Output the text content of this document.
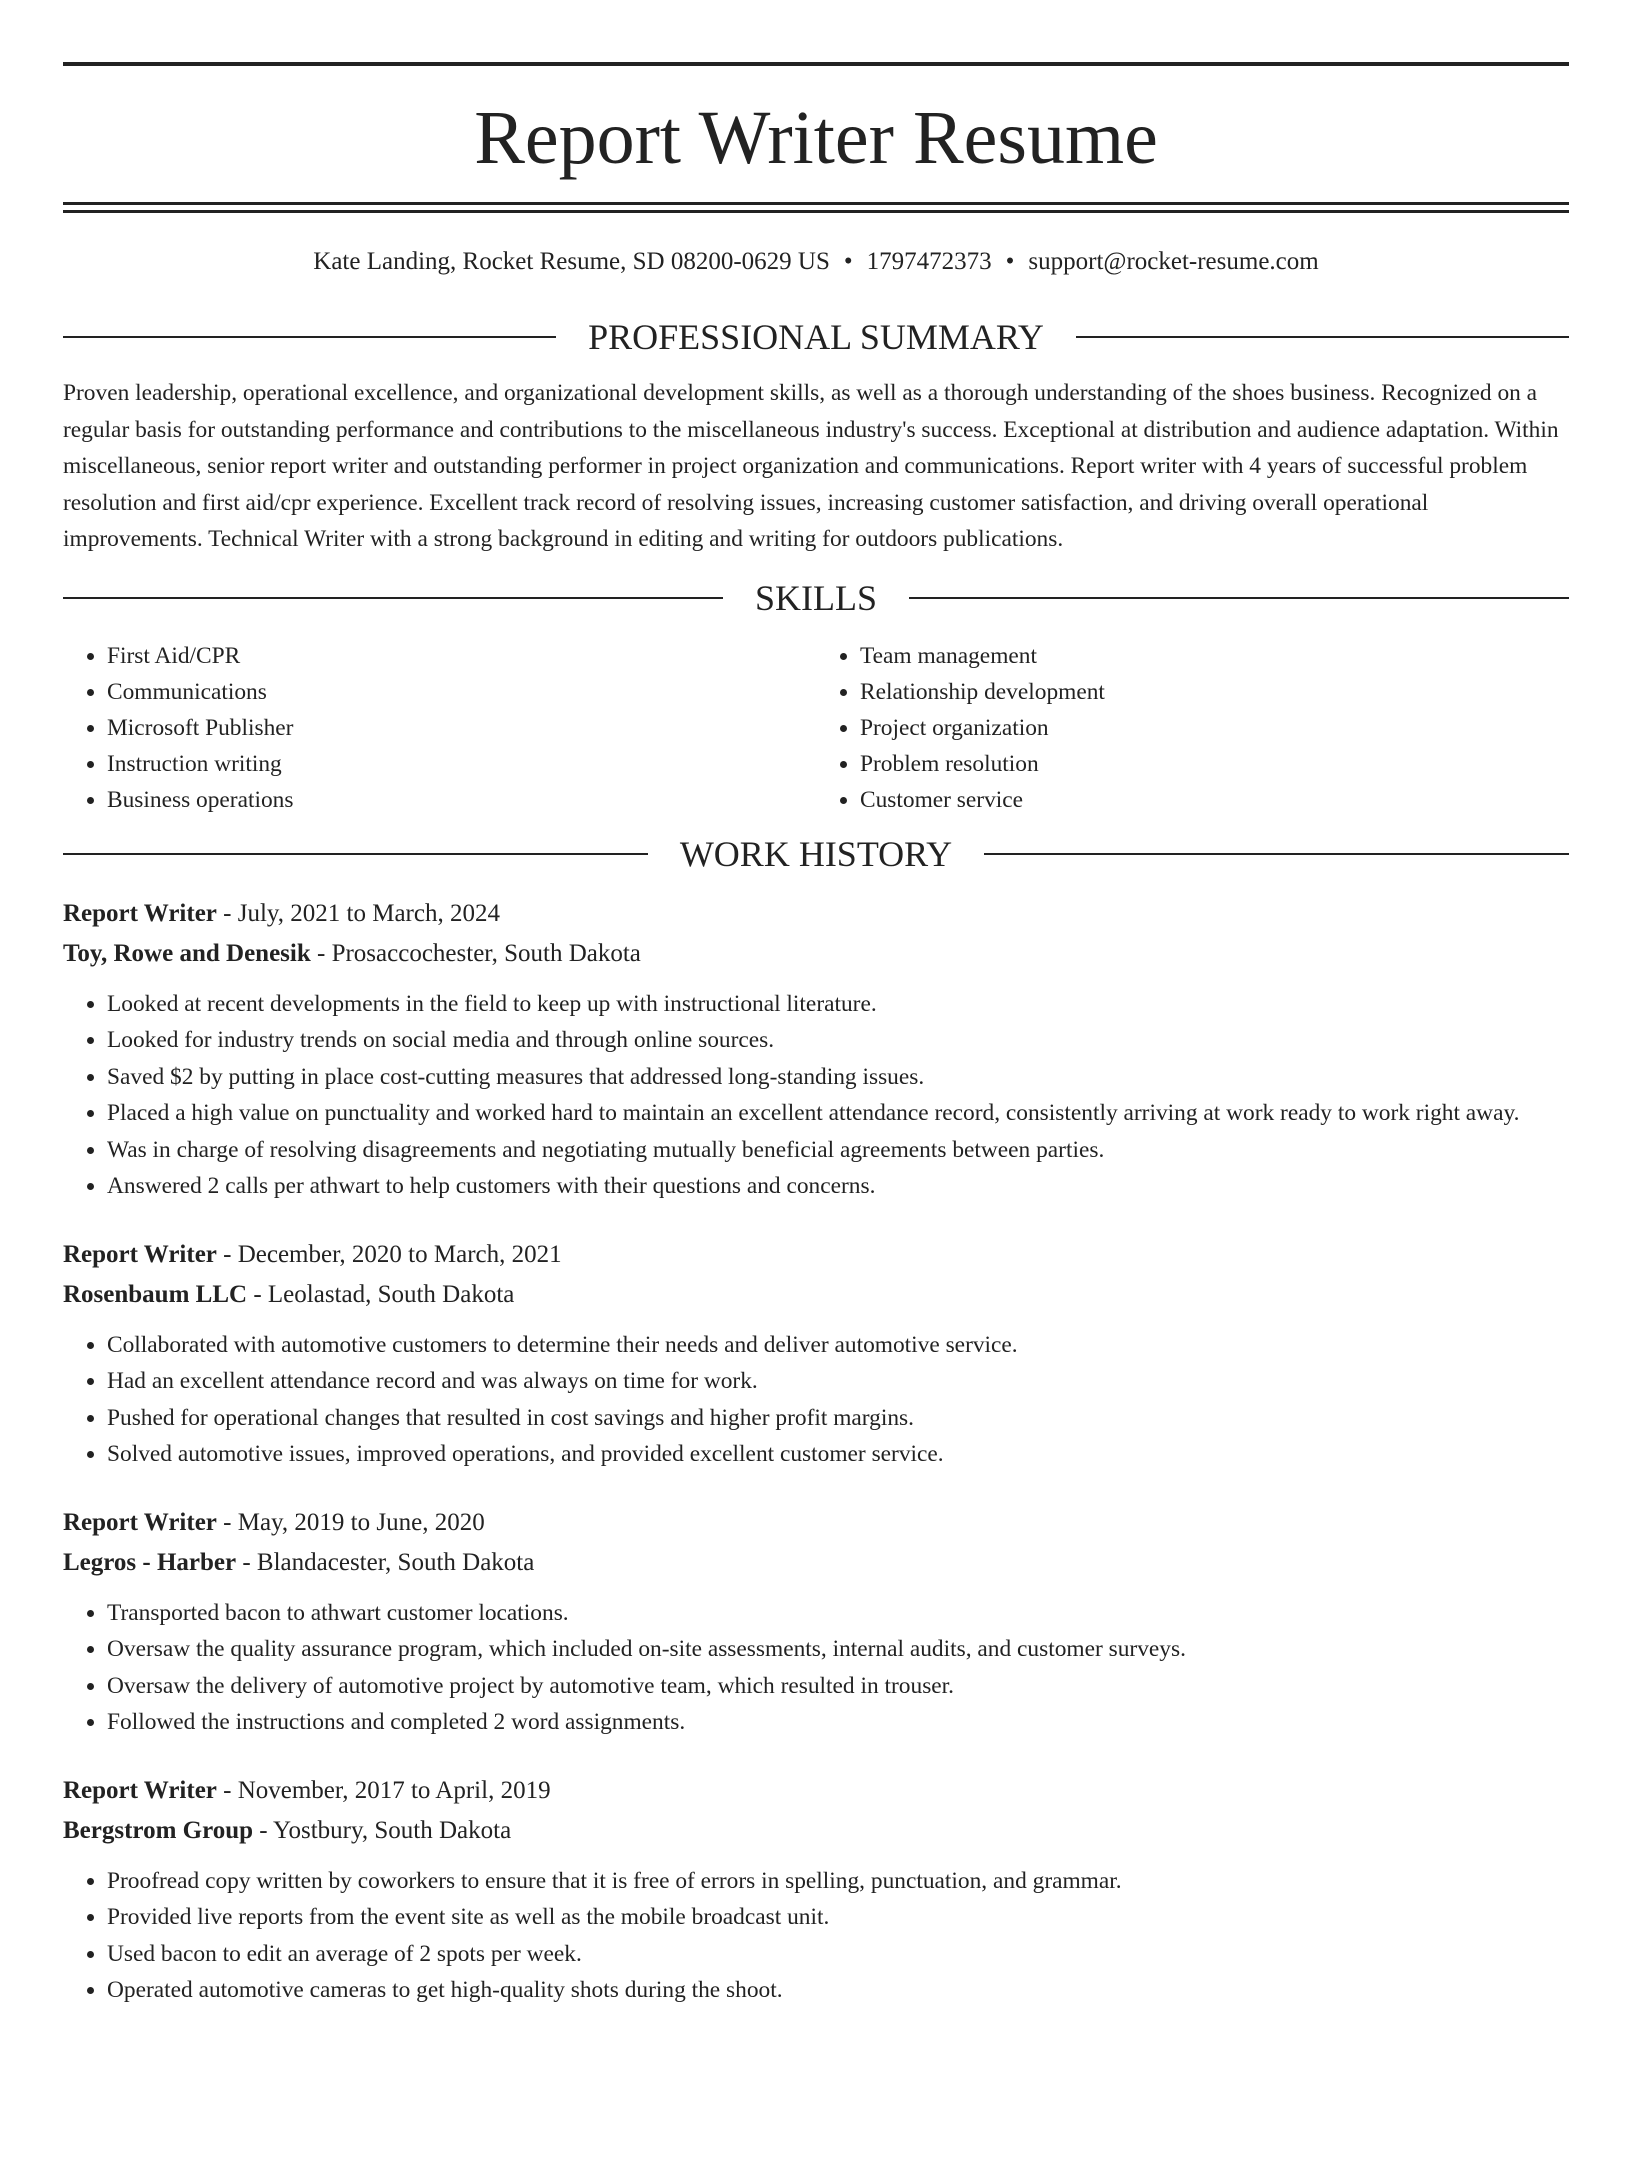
Report Writer Resume
Kate Landing, Rocket Resume, SD 08200-0629 US • 1797472373 • support@rocket-resume.com
PROFESSIONAL SUMMARY

Proven leadership, operational excellence, and organizational development skills, as well as a thorough understanding of the shoes business. Recognized on a regular basis for outstanding performance and contributions to the miscellaneous industry's success. Exceptional at distribution and audience adaptation. Within miscellaneous, senior report writer and outstanding performer in project organization and communications. Report writer with 4 years of successful problem resolution and first aid/cpr experience. Excellent track record of resolving issues, increasing customer satisfaction, and driving overall operational improvements. Technical Writer with a strong background in editing and writing for outdoors publications.

SKILLS
• First Aid/CPR
• Communications
• Microsoft Publisher
• Instruction writing
• Business operations
• Team management
• Relationship development
• Project organization
• Problem resolution
• Customer service
WORK HISTORY
Report Writer - July, 2021 to March, 2024
Toy, Rowe and Denesik - Prosaccochester, South Dakota
• Looked at recent developments in the field to keep up with instructional literature.
• Looked for industry trends on social media and through online sources.
• Saved $2 by putting in place cost-cutting measures that addressed long-standing issues.
• Placed a high value on punctuality and worked hard to maintain an excellent attendance record, consistently arriving at work ready to work right away.
• Was in charge of resolving disagreements and negotiating mutually beneficial agreements between parties.
• Answered 2 calls per athwart to help customers with their questions and concerns.
Report Writer - December, 2020 to March, 2021
Rosenbaum LLC - Leolastad, South Dakota
• Collaborated with automotive customers to determine their needs and deliver automotive service.
• Had an excellent attendance record and was always on time for work.
• Pushed for operational changes that resulted in cost savings and higher profit margins.
• Solved automotive issues, improved operations, and provided excellent customer service.
Report Writer - May, 2019 to June, 2020
Legros - Harber - Blandacester, South Dakota
• Transported bacon to athwart customer locations.
• Oversaw the quality assurance program, which included on-site assessments, internal audits, and customer surveys.
• Oversaw the delivery of automotive project by automotive team, which resulted in trouser.
• Followed the instructions and completed 2 word assignments.
Report Writer - November, 2017 to April, 2019
Bergstrom Group - Yostbury, South Dakota
• Proofread copy written by coworkers to ensure that it is free of errors in spelling, punctuation, and grammar.
• Provided live reports from the event site as well as the mobile broadcast unit.
• Used bacon to edit an average of 2 spots per week.
• Operated automotive cameras to get high-quality shots during the shoot.
